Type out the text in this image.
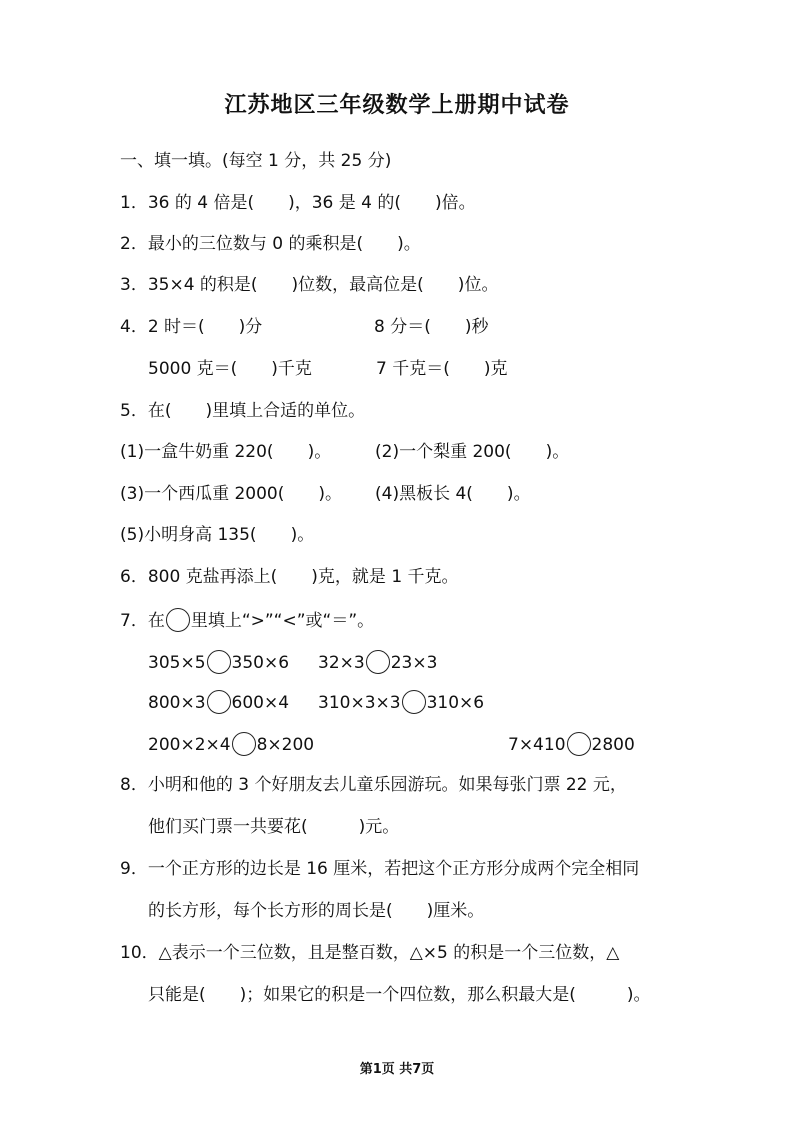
江苏地区三年级数学上册期中试卷
一、填一填。(每空 1 分，共 25 分)
1．36 的 4 倍是(　　)，36 是 4 的(　　)倍。
2．最小的三位数与 0 的乘积是(　　)。
3．35×4 的积是(　　)位数，最高位是(　　)位。
4．2 时＝(　　)分	8 分＝(　　)秒
5000 克＝(　　)千克	7 千克＝(　　)克
5．在(　　)里填上合适的单位。
(1)一盒牛奶重 220(　　)。	(2)一个梨重 200(　　)。
(3)一个西瓜重 2000(　　)。 (4)黑板长 4(　　)。
(5)小明身高 135(　　)。
6．800 克盐再添上(　　)克，就是 1 千克。
7．在 里填上“>”“<”或“＝”。
305×5 350×6 32×3 23×3
800×3 600×4 310×3×3 310×6
200×2×4 8×200	7×410 2800
8．小明和他的 3 个好朋友去儿童乐园游玩。如果每张门票 22 元，
他们买门票一共要花(　　　)元。
9．一个正方形的边长是 16 厘米，若把这个正方形分成两个完全相同
的长方形，每个长方形的周长是(　　)厘米。
10．△表示一个三位数，且是整百数，△×5 的积是一个三位数，△
只能是(　　)；如果它的积是一个四位数，那么积最大是(　　　)。
第1页 共7页
